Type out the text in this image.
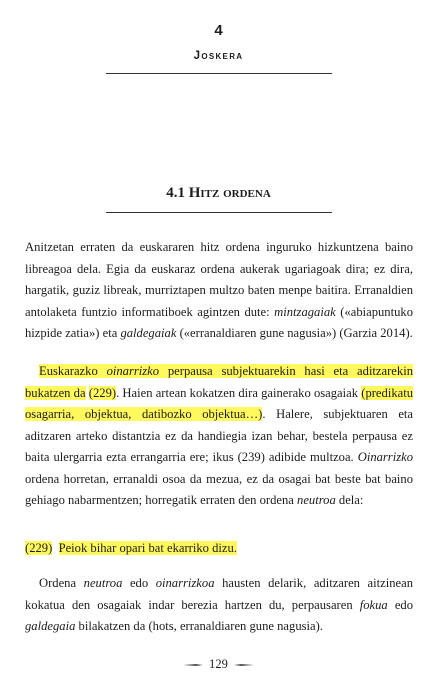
4
Joskera
4.1 Hitz ordena

Anitzetan erraten da euskararen hitz ordena inguruko hizkuntzena baino libreagoa dela. Egia da euskaraz ordena aukerak ugariagoak dira; ez dira, hargatik, guziz libreak, murriztapen multzo baten menpe baitira. Erranaldien antolaketa funtzio informatiboek agintzen dute: mintzagaiak («abiapuntuko hizpide zatia») eta galdegaiak («erranaldiaren gune nagusia») (Garzia 2014).

Euskarazko oinarrizko perpausa subjektuarekin hasi eta aditzarekin bukatzen da (229). Haien artean kokatzen dira gainerako osagaiak (predikatu osagarria, objektua, datibozko objektua…). Halere, subjektuaren eta aditzaren arteko distantzia ez da handiegia izan behar, bestela perpausa ez baita ulergarria ezta errangarria ere; ikus (239) adibide multzoa. Oinarrizko ordena horretan, erranaldi osoa da mezua, ez da osagai bat beste bat baino gehiago nabarmentzen; horregatik erraten den ordena neutroa dela:

(229) Peiok bihar opari bat ekarriko dizu.

Ordena neutroa edo oinarrizkoa hausten delarik, aditzaren aitzinean kokatua den osagaiak indar berezia hartzen du, perpausaren fokua edo galdegaia bilakatzen da (hots, erranaldiaren gune nagusia).

129
